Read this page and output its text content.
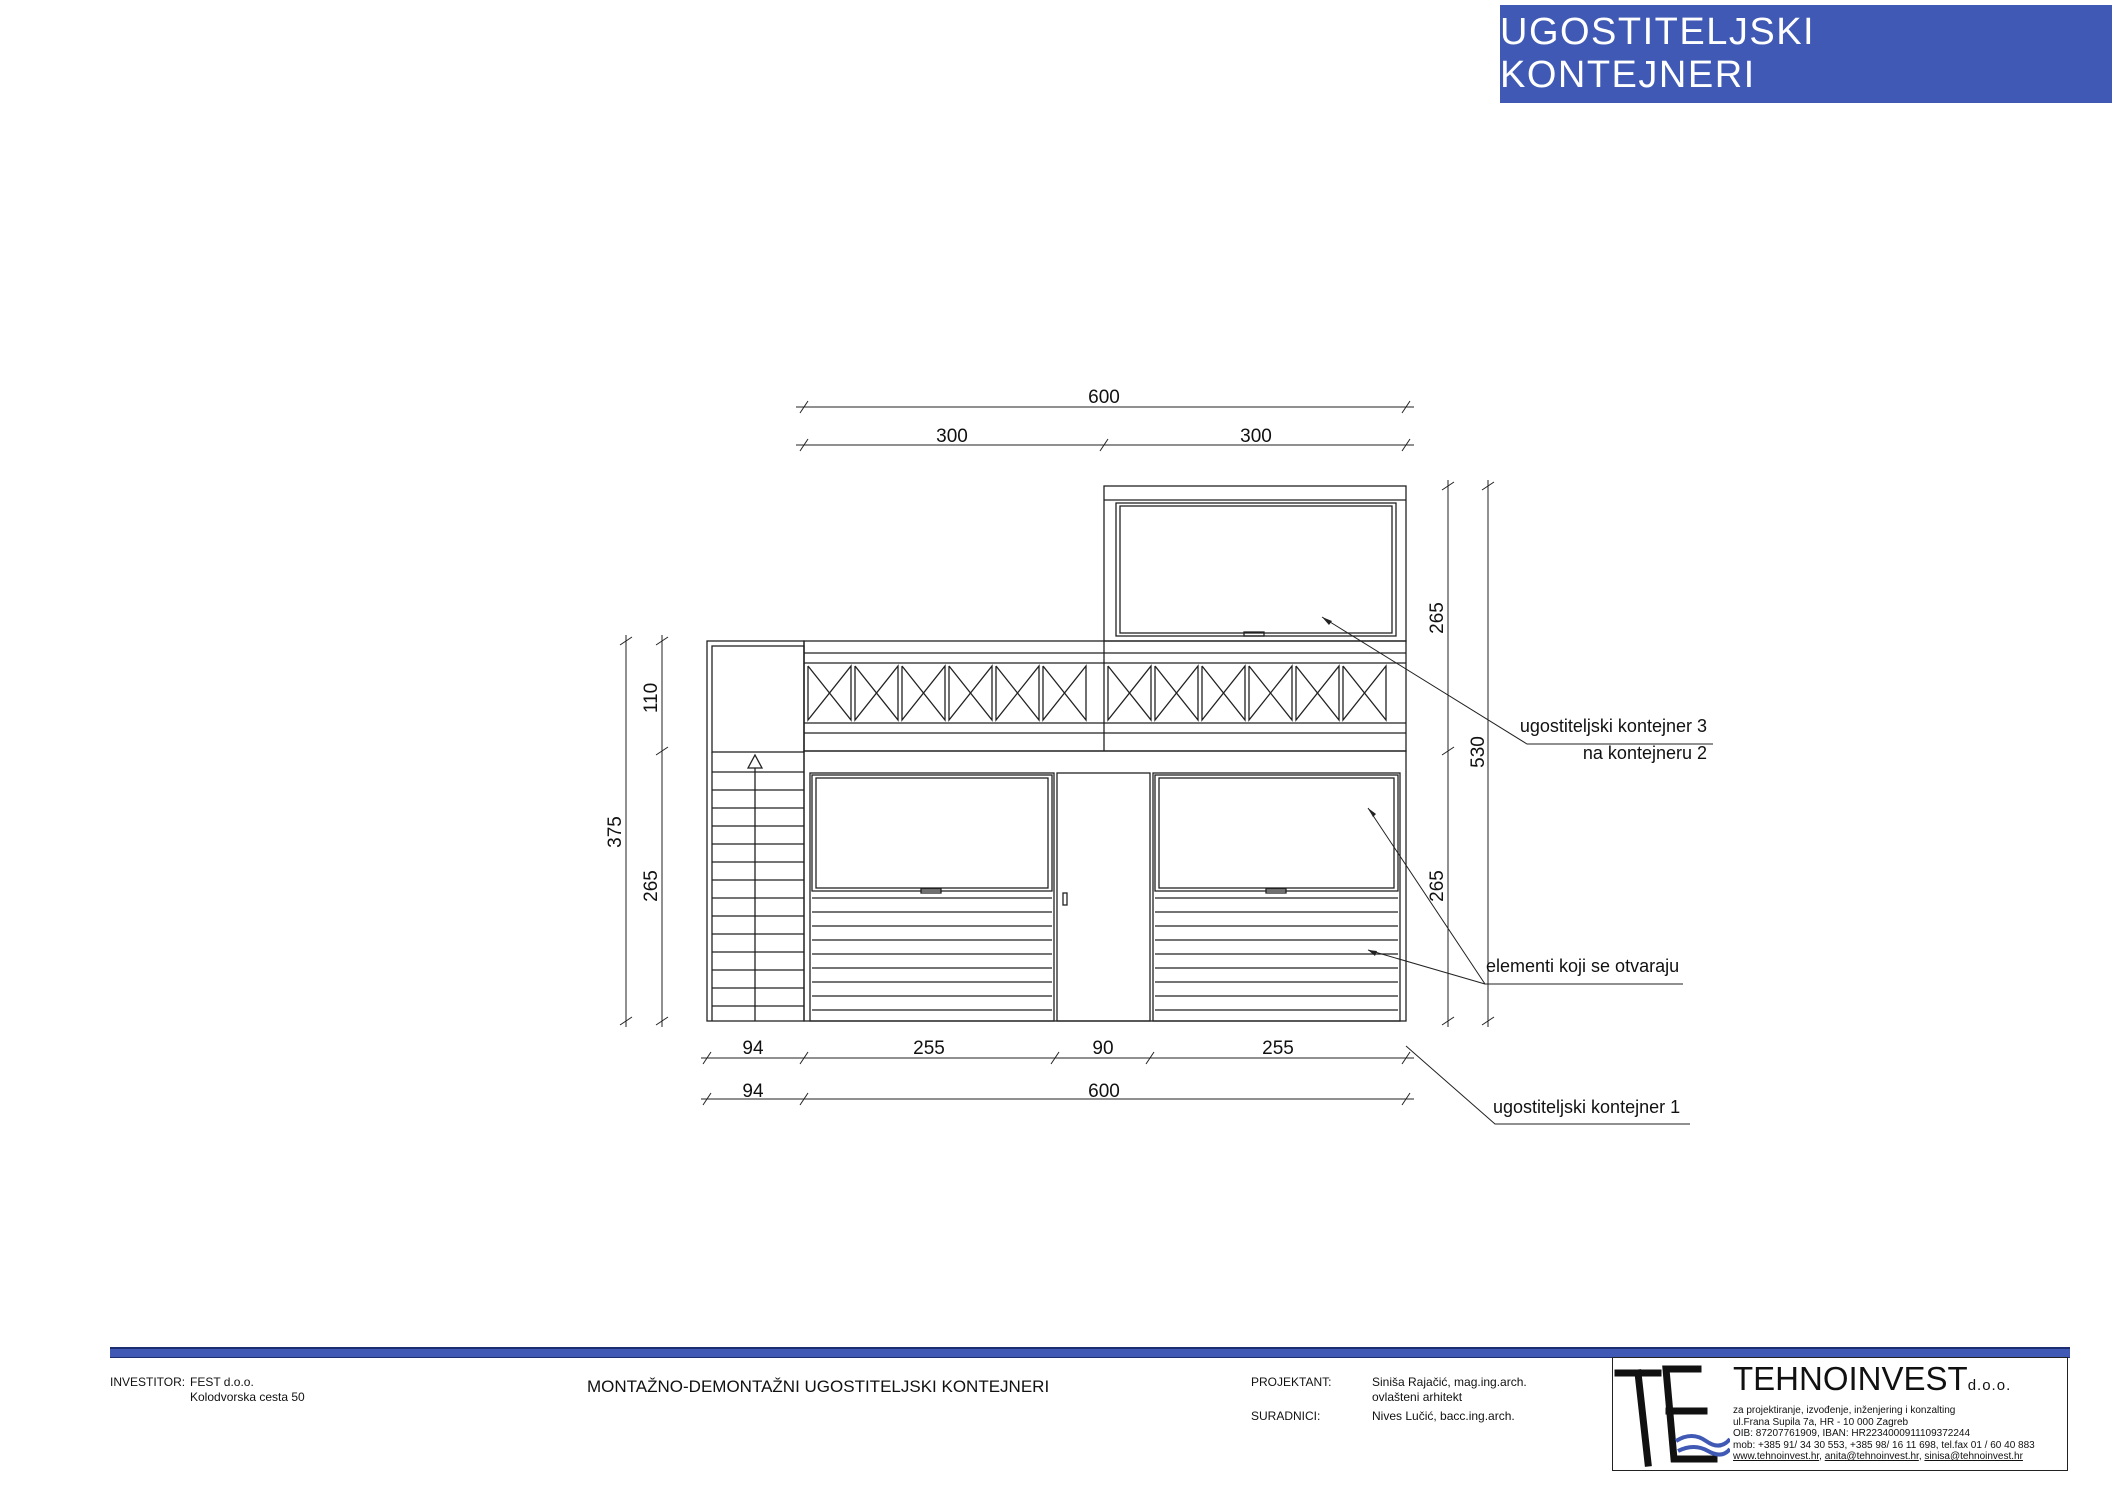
UGOSTITELJSKI KONTEJNERI
600
300	300
375
110
265
265
265
530
94	255	90	255
94	600
ugostiteljski kontejner 3
na kontejneru 2
elementi koji se otvaraju
ugostiteljski kontejner 1
INVESTITOR: FEST d.o.o.
Kolodvorska cesta 50
MONTAŽNO-DEMONTAŽNI UGOSTITELJSKI KONTEJNERI	PROJEKTANT:	Siniša Rajačić, mag.ing.arch.
ovlašteni arhitekt
SURADNICI:	Nives Lučić, bacc.ing.arch.
TEHNOINVESTd.o.o.
za projektiranje, izvođenje, inženjering i konzalting
ul.Frana Supila 7a, HR - 10 000 Zagreb
OIB: 87207761909, IBAN: HR2234000911109372244
mob: +385 91/ 34 30 553, +385 98/ 16 11 698, tel.fax 01 / 60 40 883
www.tehnoinvest.hr, anita@tehnoinvest.hr, sinisa@tehnoinvest.hr
